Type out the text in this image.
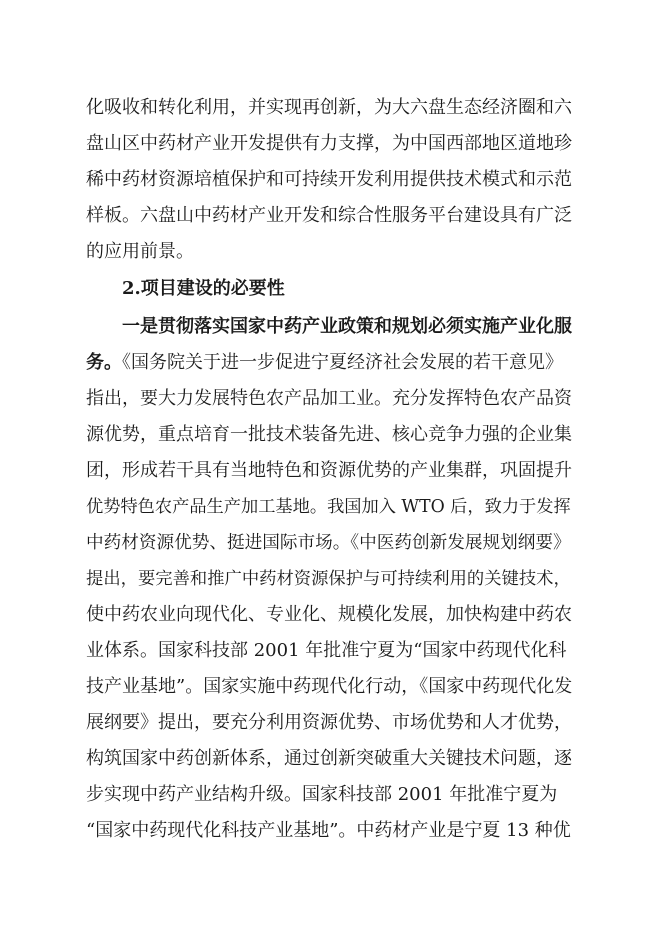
化吸收和转化利用，并实现再创新，为大六盘生态经济圈和六
盘山区中药材产业开发提供有力支撑，为中国西部地区道地珍
稀中药材资源培植保护和可持续开发利用提供技术模式和示范
样板。六盘山中药材产业开发和综合性服务平台建设具有广泛
的应用前景。
2.项目建设的必要性
一是贯彻落实国家中药产业政策和规划必须实施产业化服
务。《国务院关于进一步促进宁夏经济社会发展的若干意见》
指出，要大力发展特色农产品加工业。充分发挥特色农产品资
源优势，重点培育一批技术装备先进、核心竞争力强的企业集
团，形成若干具有当地特色和资源优势的产业集群，巩固提升
优势特色农产品生产加工基地。我国加入 WTO 后，致力于发挥
中药材资源优势、挺进国际市场。《中医药创新发展规划纲要》
提出，要完善和推广中药材资源保护与可持续利用的关键技术，
使中药农业向现代化、专业化、规模化发展，加快构建中药农
业体系。国家科技部 2001 年批准宁夏为“国家中药现代化科
技产业基地”。国家实施中药现代化行动，《国家中药现代化发
展纲要》提出，要充分利用资源优势、市场优势和人才优势，
构筑国家中药创新体系，通过创新突破重大关键技术问题，逐
步实现中药产业结构升级。国家科技部 2001 年批准宁夏为
“国家中药现代化科技产业基地”。中药材产业是宁夏 13 种优
